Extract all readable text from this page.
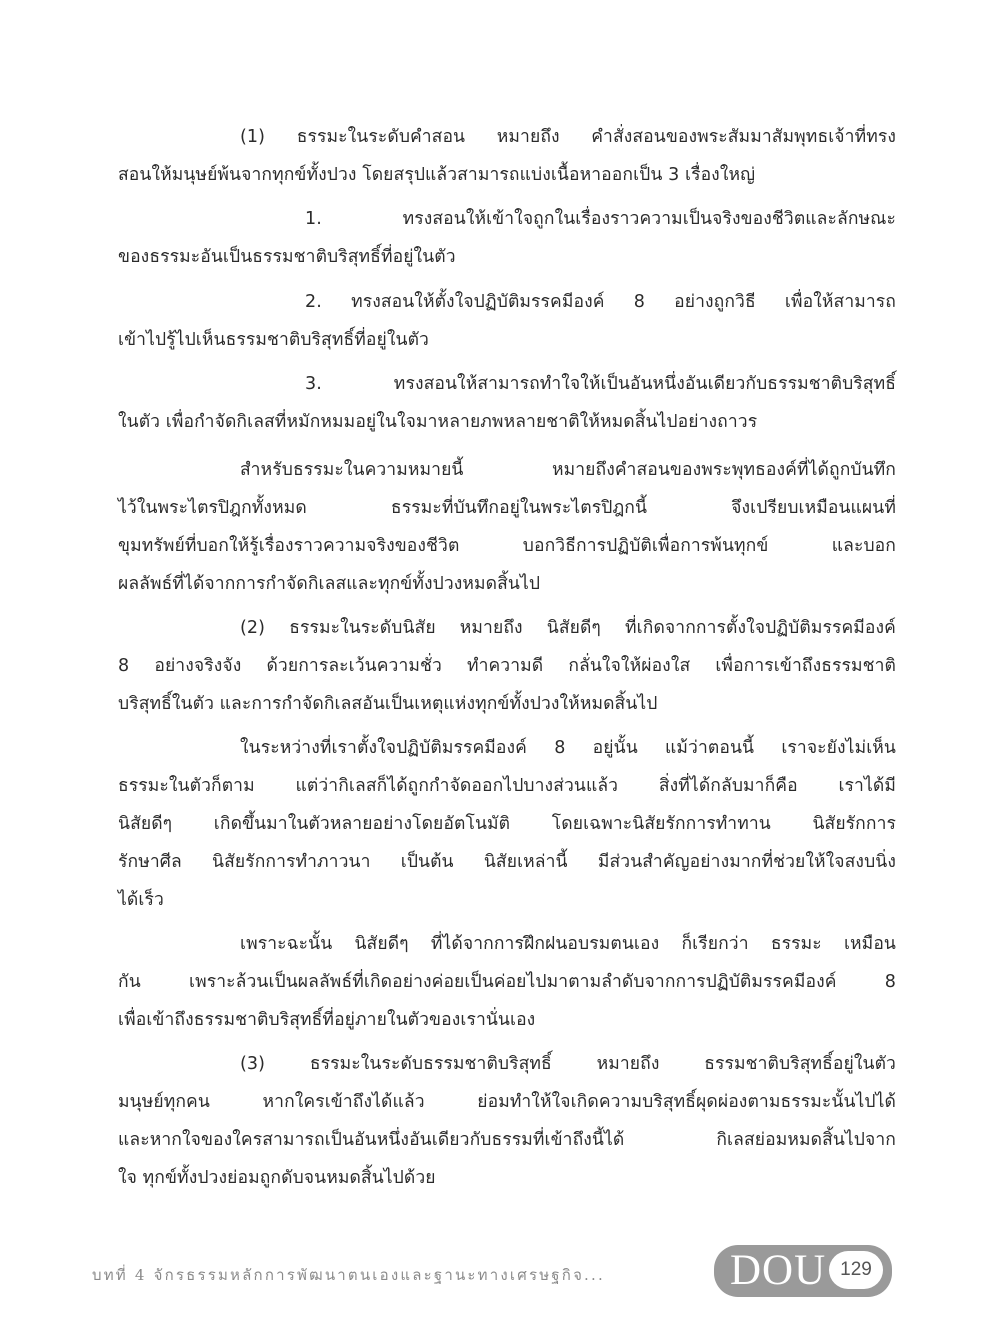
(1) ธรรมะในระดับคำสอน หมายถึง คำสั่งสอนของพระสัมมาสัมพุทธเจ้าที่ทรง

สอนให้มนุษย์พ้นจากทุกข์ทั้งปวง โดยสรุปแล้วสามารถแบ่งเนื้อหาออกเป็น 3 เรื่องใหญ่

1. ทรงสอนให้เข้าใจถูกในเรื่องราวความเป็นจริงของชีวิตและลักษณะ

ของธรรมะอันเป็นธรรมชาติบริสุทธิ์ที่อยู่ในตัว

2. ทรงสอนให้ตั้งใจปฏิบัติมรรคมีองค์ 8 อย่างถูกวิธี เพื่อให้สามารถ

เข้าไปรู้ไปเห็นธรรมชาติบริสุทธิ์ที่อยู่ในตัว

3. ทรงสอนให้สามารถทำใจให้เป็นอันหนึ่งอันเดียวกับธรรมชาติบริสุทธิ์

ในตัว เพื่อกำจัดกิเลสที่หมักหมมอยู่ในใจมาหลายภพหลายชาติให้หมดสิ้นไปอย่างถาวร

สำหรับธรรมะในความหมายนี้ หมายถึงคำสอนของพระพุทธองค์ที่ได้ถูกบันทึก

ไว้ในพระไตรปิฎกทั้งหมด ธรรมะที่บันทึกอยู่ในพระไตรปิฎกนี้ จึงเปรียบเหมือนแผนที่

ขุมทรัพย์ที่บอกให้รู้เรื่องราวความจริงของชีวิต บอกวิธีการปฏิบัติเพื่อการพ้นทุกข์ และบอก

ผลลัพธ์ที่ได้จากการกำจัดกิเลสและทุกข์ทั้งปวงหมดสิ้นไป

(2) ธรรมะในระดับนิสัย หมายถึง นิสัยดีๆ ที่เกิดจากการตั้งใจปฏิบัติมรรคมีองค์

8 อย่างจริงจัง ด้วยการละเว้นความชั่ว ทำความดี กลั่นใจให้ผ่องใส เพื่อการเข้าถึงธรรมชาติ

บริสุทธิ์ในตัว และการกำจัดกิเลสอันเป็นเหตุแห่งทุกข์ทั้งปวงให้หมดสิ้นไป

ในระหว่างที่เราตั้งใจปฏิบัติมรรคมีองค์ 8 อยู่นั้น แม้ว่าตอนนี้ เราจะยังไม่เห็น

ธรรมะในตัวก็ตาม แต่ว่ากิเลสก็ได้ถูกกำจัดออกไปบางส่วนแล้ว สิ่งที่ได้กลับมาก็คือ เราได้มี

นิสัยดีๆ เกิดขึ้นมาในตัวหลายอย่างโดยอัตโนมัติ โดยเฉพาะนิสัยรักการทำทาน นิสัยรักการ

รักษาศีล นิสัยรักการทำภาวนา เป็นต้น นิสัยเหล่านี้ มีส่วนสำคัญอย่างมากที่ช่วยให้ใจสงบนิ่ง

ได้เร็ว

เพราะฉะนั้น นิสัยดีๆ ที่ได้จากการฝึกฝนอบรมตนเอง ก็เรียกว่า ธรรมะ เหมือน

กัน เพราะล้วนเป็นผลลัพธ์ที่เกิดอย่างค่อยเป็นค่อยไปมาตามลำดับจากการปฏิบัติมรรคมีองค์ 8

เพื่อเข้าถึงธรรมชาติบริสุทธิ์ที่อยู่ภายในตัวของเรานั่นเอง

(3) ธรรมะในระดับธรรมชาติบริสุทธิ์ หมายถึง ธรรมชาติบริสุทธิ์อยู่ในตัว

มนุษย์ทุกคน หากใครเข้าถึงได้แล้ว ย่อมทำให้ใจเกิดความบริสุทธิ์ผุดผ่องตามธรรมะนั้นไปได้

และหากใจของใครสามารถเป็นอันหนึ่งอันเดียวกับธรรมที่เข้าถึงนี้ได้ กิเลสย่อมหมดสิ้นไปจาก

ใจ ทุกข์ทั้งปวงย่อมถูกดับจนหมดสิ้นไปด้วย

บทที่ 4 จักรธรรมหลักการพัฒนาตนเองและฐานะทางเศรษฐกิจ...	DOU 129
